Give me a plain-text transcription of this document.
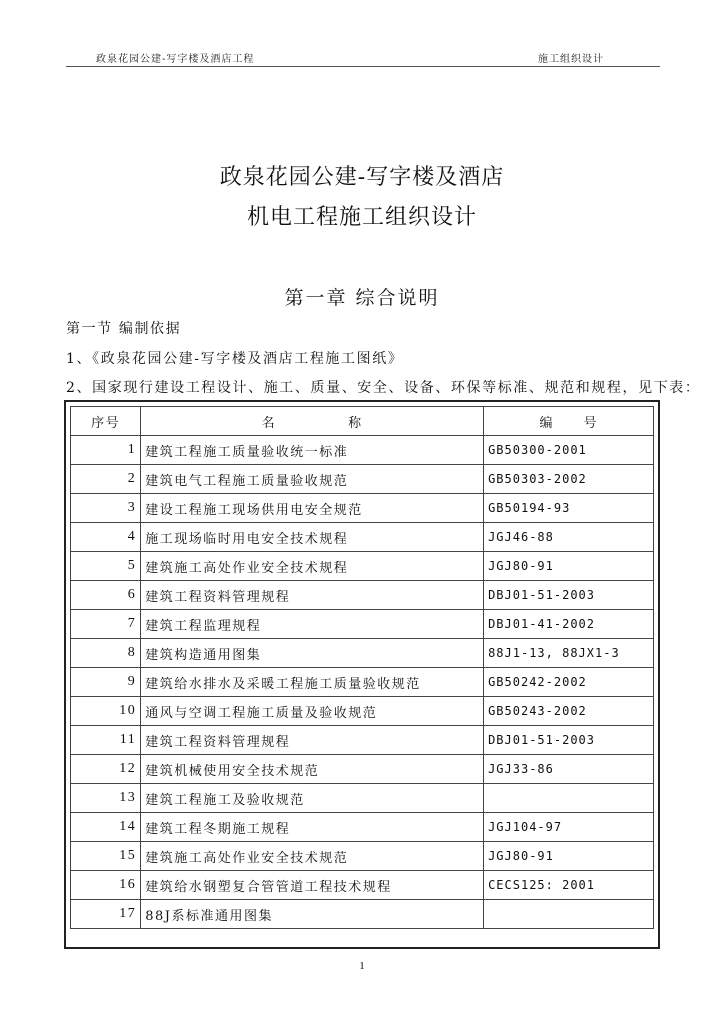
政泉花园公建-写字楼及酒店工程	施工组织设计
政泉花园公建-写字楼及酒店
机电工程施工组织设计
第一章 综合说明
第一节 编制依据
1、《政泉花园公建-写字楼及酒店工程施工图纸》
2、国家现行建设工程设计、施工、质量、安全、设备、环保等标准、规范和规程，见下表：
序号	名 称	编 号
1	建筑工程施工质量验收统一标准	GB50300-2001
2	建筑电气工程施工质量验收规范	GB50303-2002
3	建设工程施工现场供用电安全规范	GB50194-93
4	施工现场临时用电安全技术规程	JGJ46-88
5	建筑施工高处作业安全技术规程	JGJ80-91
6	建筑工程资料管理规程	DBJ01-51-2003
7	建筑工程监理规程	DBJ01-41-2002
8	建筑构造通用图集	88J1-13, 88JX1-3
9	建筑给水排水及采暖工程施工质量验收规范	GB50242-2002
10	通风与空调工程施工质量及验收规范	GB50243-2002
11	建筑工程资料管理规程	DBJ01-51-2003
12	建筑机械使用安全技术规范	JGJ33-86
13	建筑工程施工及验收规范	
14	建筑工程冬期施工规程	JGJ104-97
15	建筑施工高处作业安全技术规范	JGJ80-91
16	建筑给水钢塑复合管管道工程技术规程	CECS125: 2001
17	88J系标准通用图集	
1
